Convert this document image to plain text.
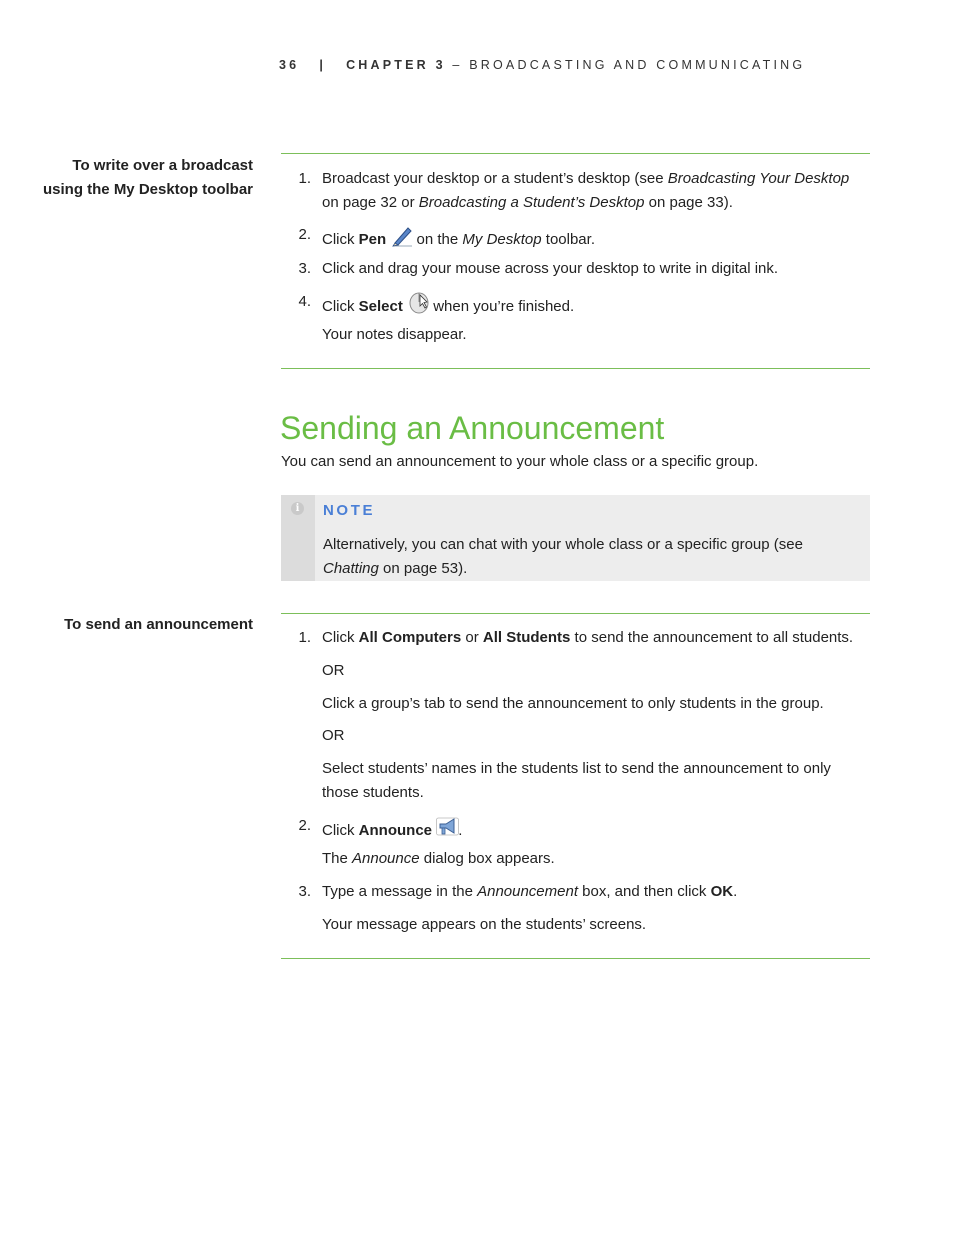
36 | CHAPTER 3 – BROADCASTING AND COMMUNICATING
To write over a broadcast using the My Desktop toolbar
1. Broadcast your desktop or a student’s desktop (see Broadcasting Your Desktop
on page 32 or Broadcasting a Student’s Desktop on page 33).
2. Click Pen  on the My Desktop toolbar.
3. Click and drag your mouse across your desktop to write in digital ink.
4. Click Select  when you’re finished.
Your notes disappear.
Sending an Announcement
You can send an announcement to your whole class or a specific group.
i	NOTE
Alternatively, you can chat with your whole class or a specific group (see
Chatting on page 53).
To send an announcement
1. Click All Computers or All Students to send the announcement to all students.
OR
Click a group’s tab to send the announcement to only students in the group.
OR
Select students’ names in the students list to send the announcement to only those students.
2. Click Announce .
The Announce dialog box appears.
3. Type a message in the Announcement box, and then click OK.
Your message appears on the students’ screens.
